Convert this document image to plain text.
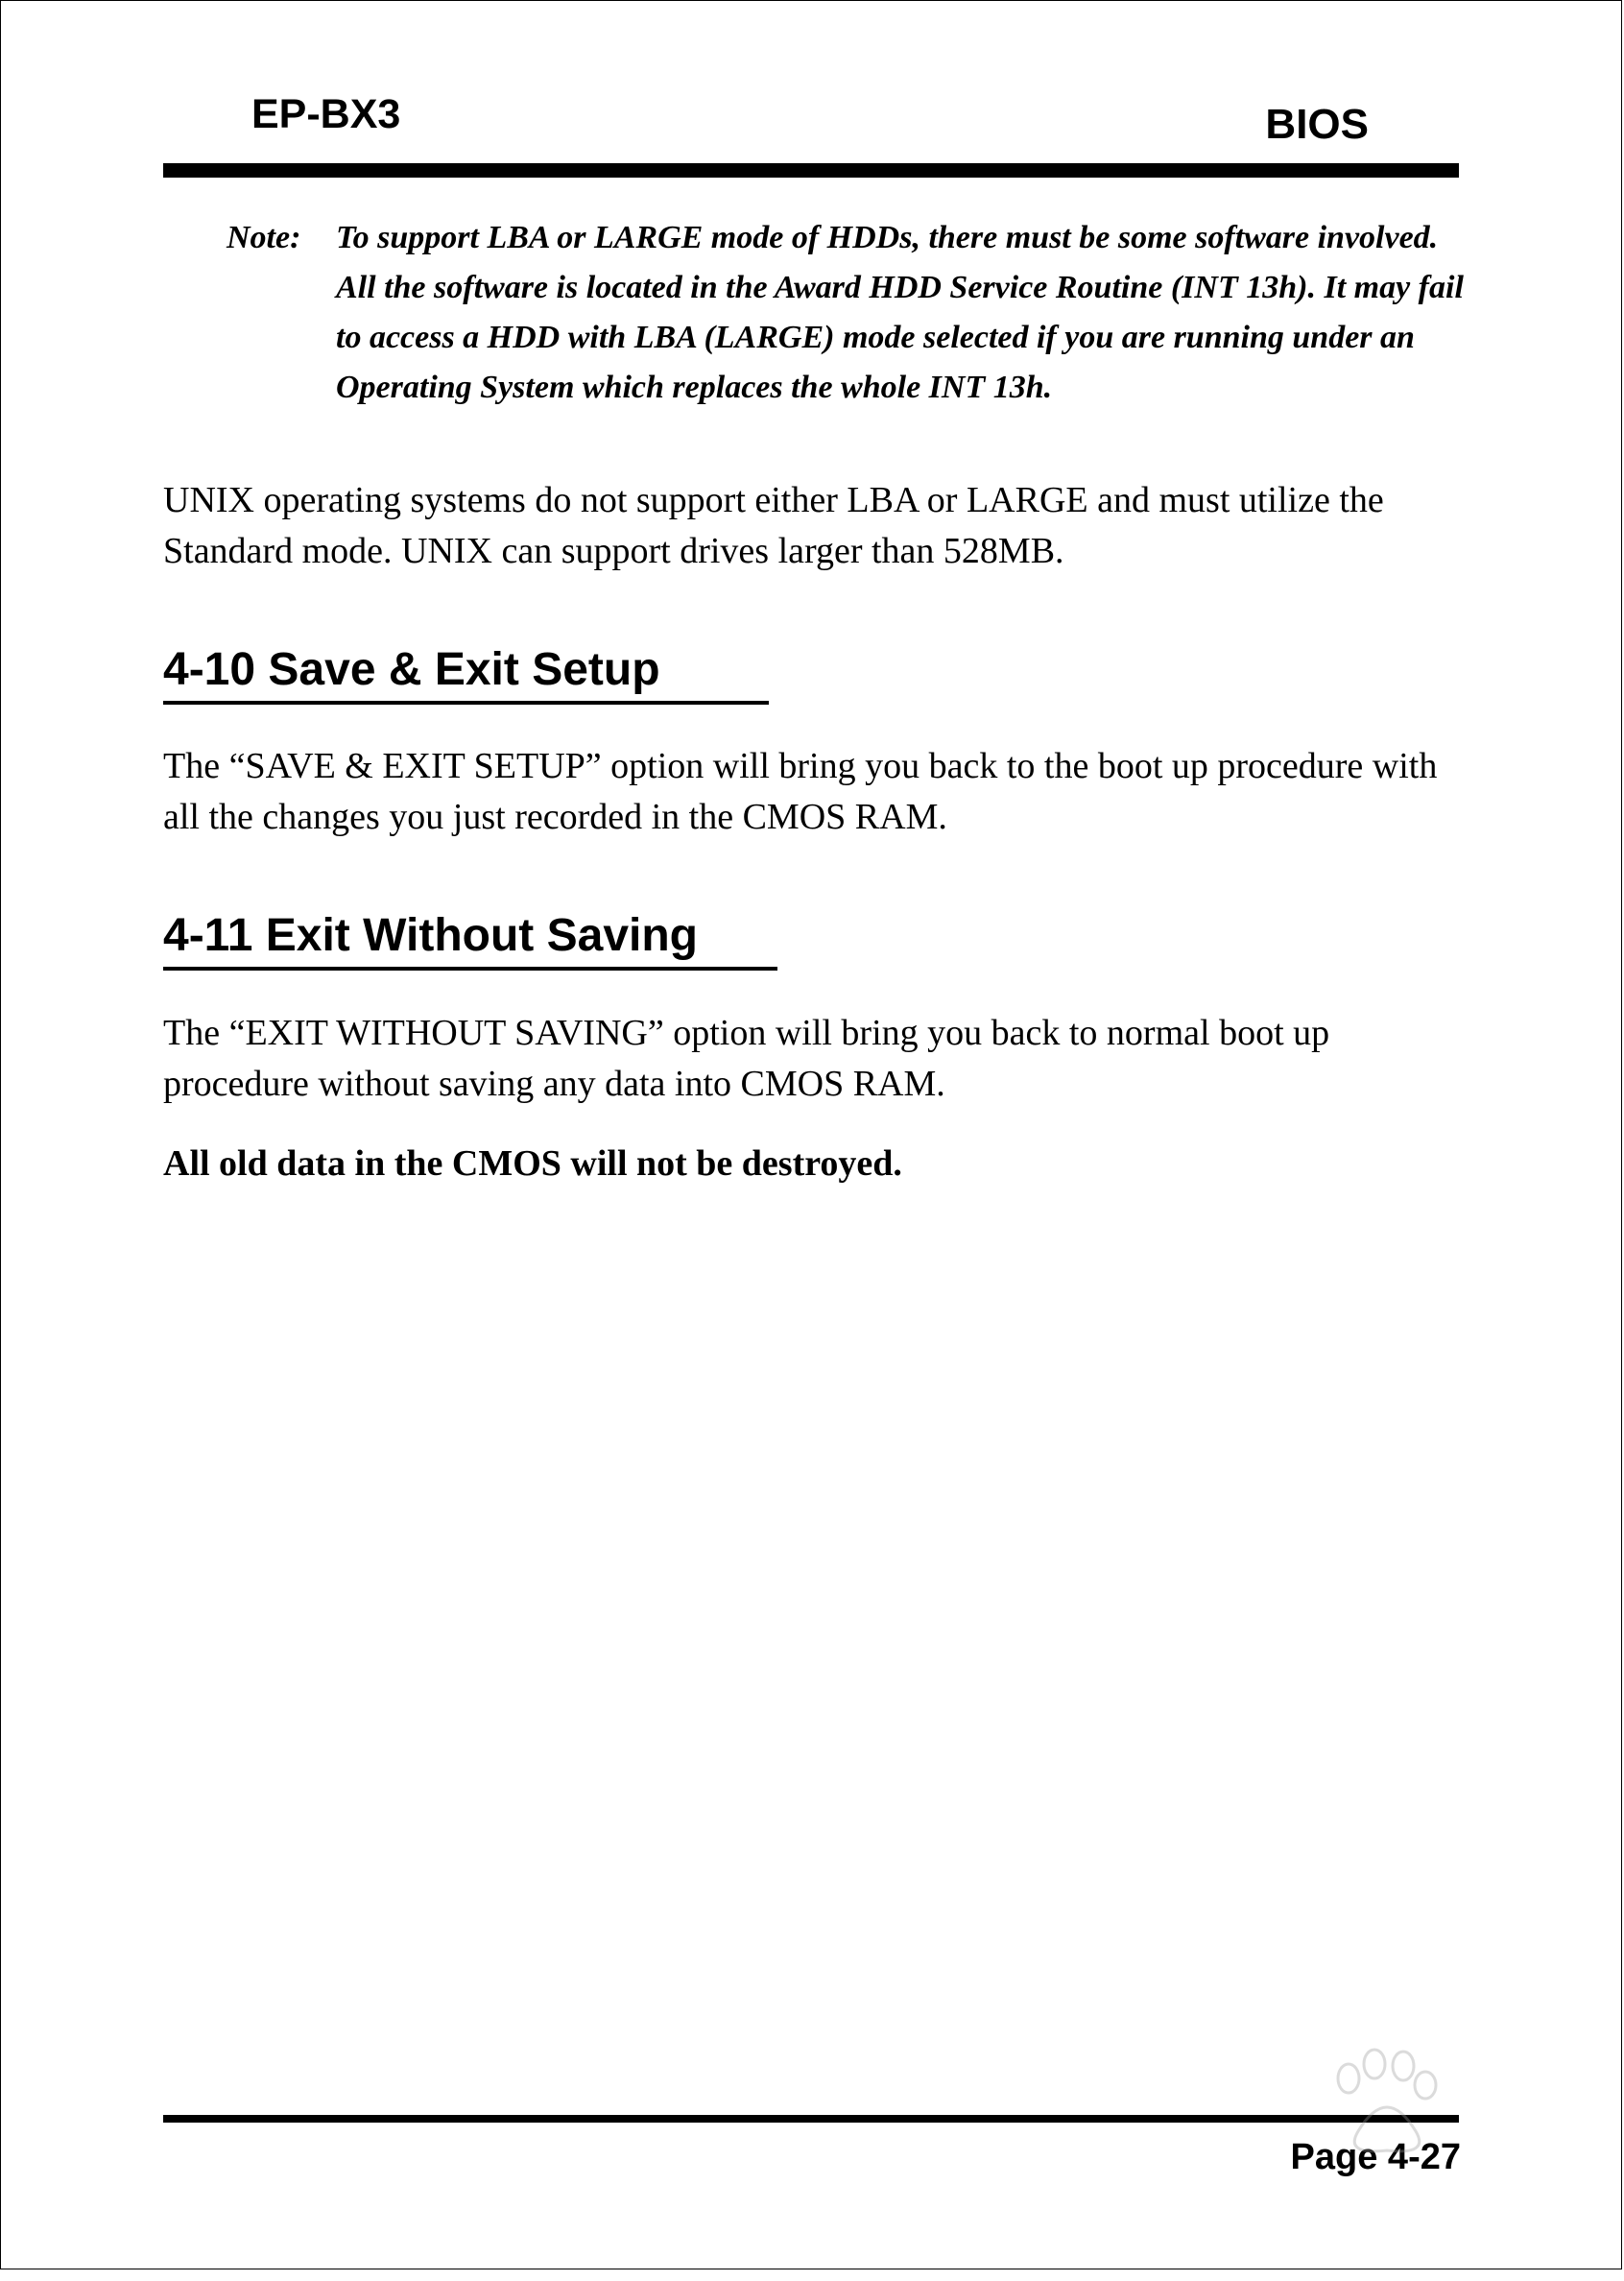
EP-BX3	BIOS
Note: To support LBA or LARGE mode of HDDs, there must be some software involved. All the software is located in the Award HDD Service Routine (INT 13h). It may fail to access a HDD with LBA (LARGE) mode selected if you are running under an Operating System which replaces the whole INT 13h.
UNIX operating systems do not support either LBA or LARGE and must utilize the Standard mode. UNIX can support drives larger than 528MB.
4-10 Save & Exit Setup
The “SAVE & EXIT SETUP” option will bring you back to the boot up procedure with all the changes you just recorded in the CMOS RAM.
4-11 Exit Without Saving
The “EXIT WITHOUT SAVING” option will bring you back to normal boot up procedure without saving any data into CMOS RAM.
All old data in the CMOS will not be destroyed.
Page 4-27
